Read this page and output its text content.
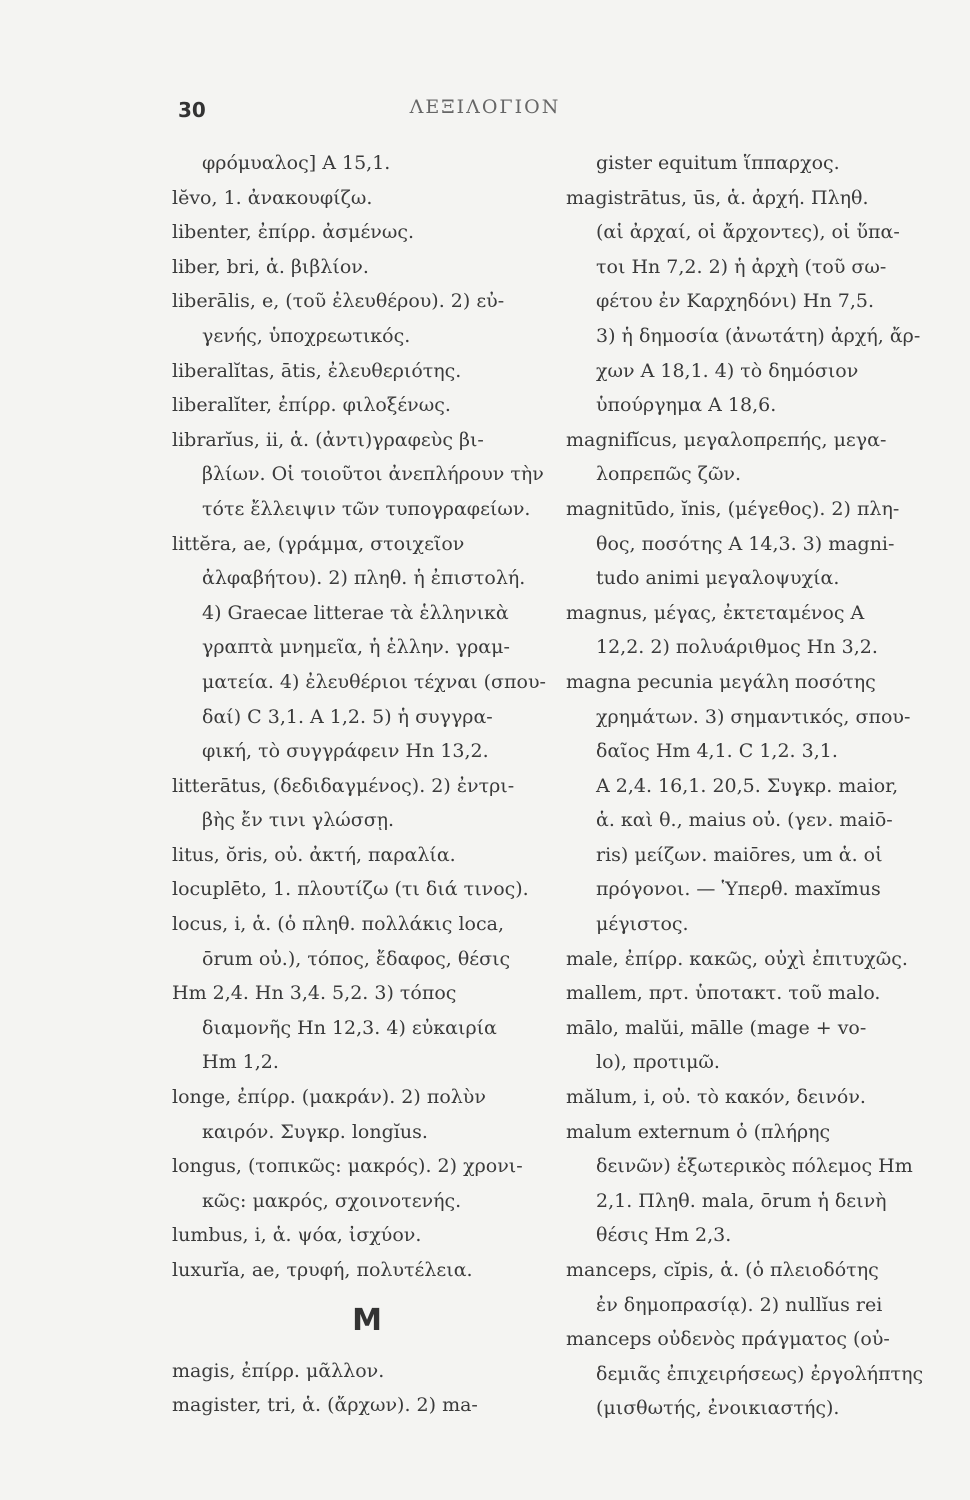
30	ΛΕΞΙΛΟΓΙΟΝ
φρόμυαλος] Α 15,1.
lĕvo, 1. ἀνακουφίζω.
libenter, ἐπίρρ. ἀσμένως.
liber, bri, ἁ. βιβλίον.
liberālis, e, (τοῦ ἐλευθέρου). 2) εὐ-
γενής, ὑποχρεωτικός.
liberalĭtas, ātis, ἐλευθεριότης.
liberalĭter, ἐπίρρ. φιλοξένως.
librarĭus, ii, ἁ. (ἀντι)γραφεὺς βι-
βλίων. Οἱ τοιοῦτοι ἀνεπλήρουν τὴν
τότε ἔλλειψιν τῶν τυπογραφείων.
littĕra, ae, (γράμμα, στοιχεῖον
ἀλφαβήτου). 2) πληθ. ἡ ἐπιστολή.
4) Graecae litterae τὰ ἑλληνικὰ
γραπτὰ μνημεῖα, ἡ ἑλλην. γραμ-
ματεία. 4) ἐλευθέριοι τέχναι (σπου-
δαί) C 3,1. A 1,2. 5) ἡ συγγρα-
φική, τὸ συγγράφειν Hn 13,2.
litterātus, (δεδιδαγμένος). 2) ἐντρι-
βὴς ἔν τινι γλώσσῃ.
litus, ŏris, οὐ. ἀκτή, παραλία.
locuplēto, 1. πλουτίζω (τι διά τινος).
locus, i, ἁ. (ὁ πληθ. πολλάκις loca,
ōrum οὐ.), τόπος, ἔδαφος, θέσις
Hm 2,4. Hn 3,4. 5,2. 3) τόπος
διαμονῆς Hn 12,3. 4) εὐκαιρία
Hm 1,2.
longe, ἐπίρρ. (μακράν). 2) πολὺν
καιρόν. Συγκρ. longĭus.
longus, (τοπικῶς: μακρός). 2) χρονι-
κῶς: μακρός, σχοινοτενής.
lumbus, i, ἁ. ψόα, ἰσχύον.
luxurĭa, ae, τρυφή, πολυτέλεια.
M
magis, ἐπίρρ. μᾶλλον.
magister, tri, ἁ. (ἄρχων). 2) ma-
gister equitum ἵππαρχος.
magistrātus, ūs, ἁ. ἀρχή. Πληθ.
(αἱ ἀρχαί, οἱ ἄρχοντες), οἱ ὕπα-
τοι Hn 7,2. 2) ἡ ἀρχὴ (τοῦ σω-
φέτου ἐν Καρχηδόνι) Hn 7,5.
3) ἡ δημοσία (ἀνωτάτη) ἀρχή, ἄρ-
χων A 18,1. 4) τὸ δημόσιον
ὑπούργημα A 18,6.
magnifĭcus, μεγαλοπρεπής, μεγα-
λοπρεπῶς ζῶν.
magnitūdo, ĭnis, (μέγεθος). 2) πλη-
θος, ποσότης A 14,3. 3) magni-
tudo animi μεγαλοψυχία.
magnus, μέγας, ἐκτεταμένος A
12,2. 2) πολυάριθμος Hn 3,2.
magna pecunia μεγάλη ποσότης
χρημάτων. 3) σημαντικός, σπου-
δαῖος Hm 4,1. C 1,2. 3,1.
A 2,4. 16,1. 20,5. Συγκρ. maior,
ἁ. καὶ θ., maius οὐ. (γεν. maiō-
ris) μείζων. maiōres, um ἁ. οἱ
πρόγονοι. — Ὑπερθ. maxĭmus
μέγιστος.
male, ἐπίρρ. κακῶς, οὐχὶ ἐπιτυχῶς.
mallem, πρτ. ὑποτακτ. τοῦ malo.
mālo, malŭi, mālle (mage + vo-
lo), προτιμῶ.
mălum, i, οὐ. τὸ κακόν, δεινόν.
malum externum ὁ (πλήρης
δεινῶν) ἐξωτερικὸς πόλεμος Hm
2,1. Πληθ. mala, ōrum ἡ δεινὴ
θέσις Hm 2,3.
manceps, cĭpis, ἁ. (ὁ πλειοδότης
ἐν δημοπρασίᾳ). 2) nullĭus rei
manceps οὐδενὸς πράγματος (οὐ-
δεμιᾶς ἐπιχειρήσεως) ἐργολήπτης
(μισθωτής, ἐνοικιαστής).
